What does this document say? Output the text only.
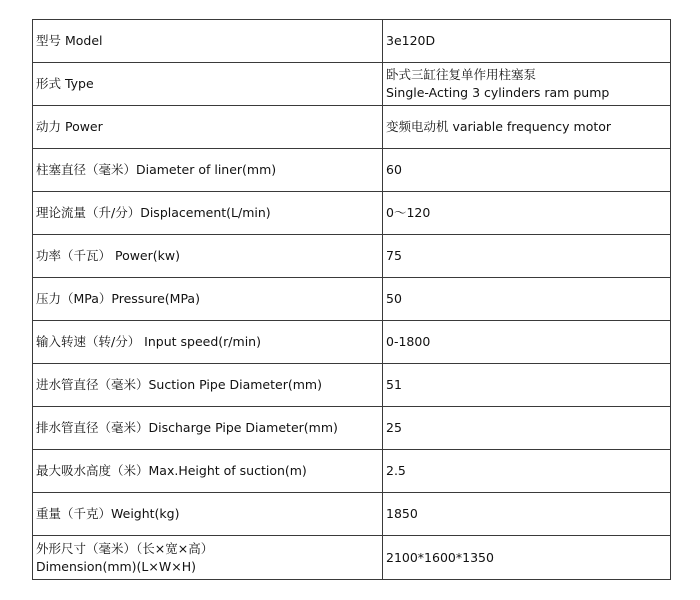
型号 Model	3e120D
形式 Type	卧式三缸往复单作用柱塞泵
Single-Acting 3 cylinders ram pump

动力 Power	变频电动机 variable frequency motor
柱塞直径（毫米）Diameter of liner(mm)	60
理论流量（升/分）Displacement(L/min)	0～120
功率（千瓦） Power(kw)	75
压力（MPa）Pressure(MPa)	50
输入转速（转/分） Input speed(r/min)	0-1800
进水管直径（毫米）Suction Pipe Diameter(mm)	51
排水管直径（毫米）Discharge Pipe Diameter(mm)	25
最大吸水高度（米）Max.Height of suction(m)	2.5
重量（千克）Weight(kg)	1850

外形尺寸（毫米）（长×宽×高）
Dimension(mm)(L×W×H)	2100*1600*1350
